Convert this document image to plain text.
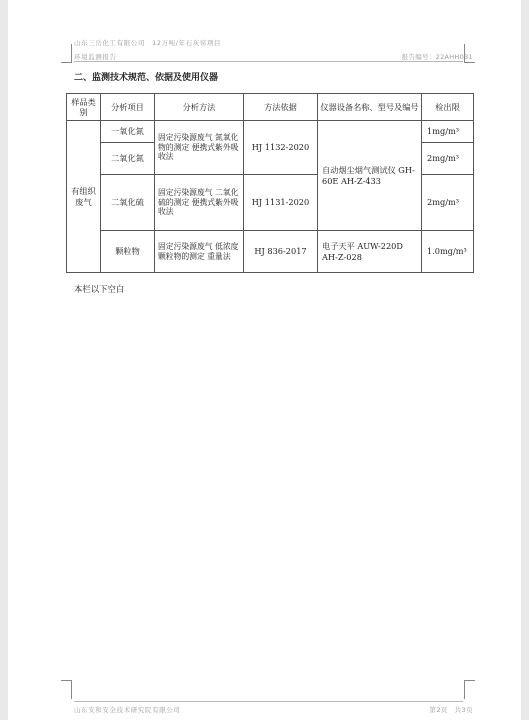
山东三岳化工有限公司　12万吨/年石灰窑项目
环境监测报告	报告编号：22AHH031
二、监测技术规范、依据及使用仪器
样品类别	分析项目	分析方法	方法依据	仪器设备名称、型号及编号	检出限
有组织废气	一氧化氮	固定污染源废气 氮氧化物的测定 便携式紫外吸收法	HJ 1132-2020	自动烟尘烟气测试仪 GH-60E AH-Z-433	1mg/m³
	二氧化氮				2mg/m³
	二氧化硫	固定污染源废气 二氧化硫的测定 便携式紫外吸收法	HJ 1131-2020		2mg/m³
	颗粒物	固定污染源废气 低浓度颗粒物的测定 重量法	HJ 836-2017	电子天平 AUW-220D AH-Z-028	1.0mg/m³
本栏以下空白
山东安和安全技术研究院有限公司	第2页　共3页
